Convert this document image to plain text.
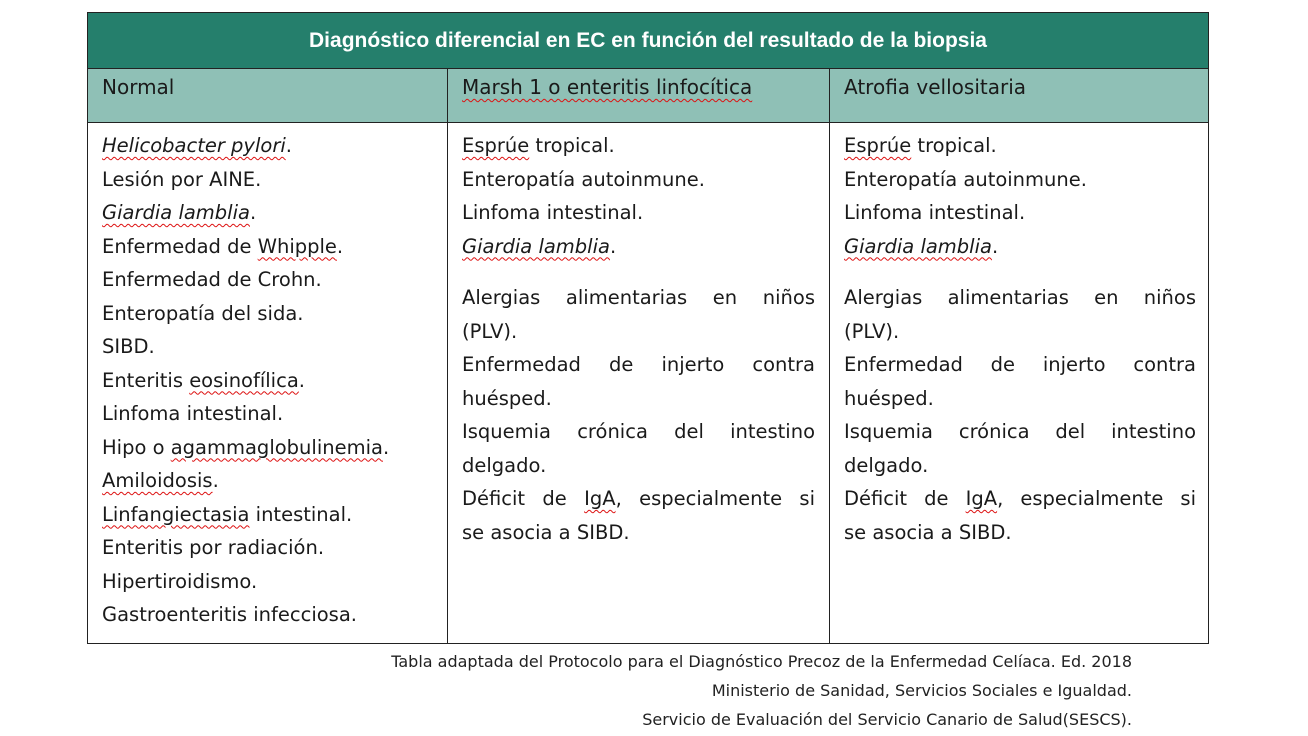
Diagnóstico diferencial en EC en función del resultado de la biopsia
Normal	Marsh 1 o enteritis linfocítica	Atrofia vellositaria
Helicobacter pylori.
Lesión por AINE.
Giardia lamblia.
Enfermedad de Whipple.
Enfermedad de Crohn.
Enteropatía del sida.
SIBD.
Enteritis eosinofílica.
Linfoma intestinal.
Hipo o agammaglobulinemia.
Amiloidosis.
Linfangiectasia intestinal.
Enteritis por radiación.
Hipertiroidismo.
Gastroenteritis infecciosa.
Esprúe tropical.
Enteropatía autoinmune.
Linfoma intestinal.
Giardia lamblia.
Alergias alimentarias en niños
(PLV).
Enfermedad de injerto contra
huésped.
Isquemia crónica del intestino
delgado.
Déficit de IgA, especialmente si
se asocia a SIBD.
Esprúe tropical.
Enteropatía autoinmune.
Linfoma intestinal.
Giardia lamblia.
Alergias alimentarias en niños
(PLV).
Enfermedad de injerto contra
huésped.
Isquemia crónica del intestino
delgado.
Déficit de IgA, especialmente si
se asocia a SIBD.
Tabla adaptada del Protocolo para el Diagnóstico Precoz de la Enfermedad Celíaca. Ed. 2018
Ministerio de Sanidad, Servicios Sociales e Igualdad.
Servicio de Evaluación del Servicio Canario de Salud(SESCS).
